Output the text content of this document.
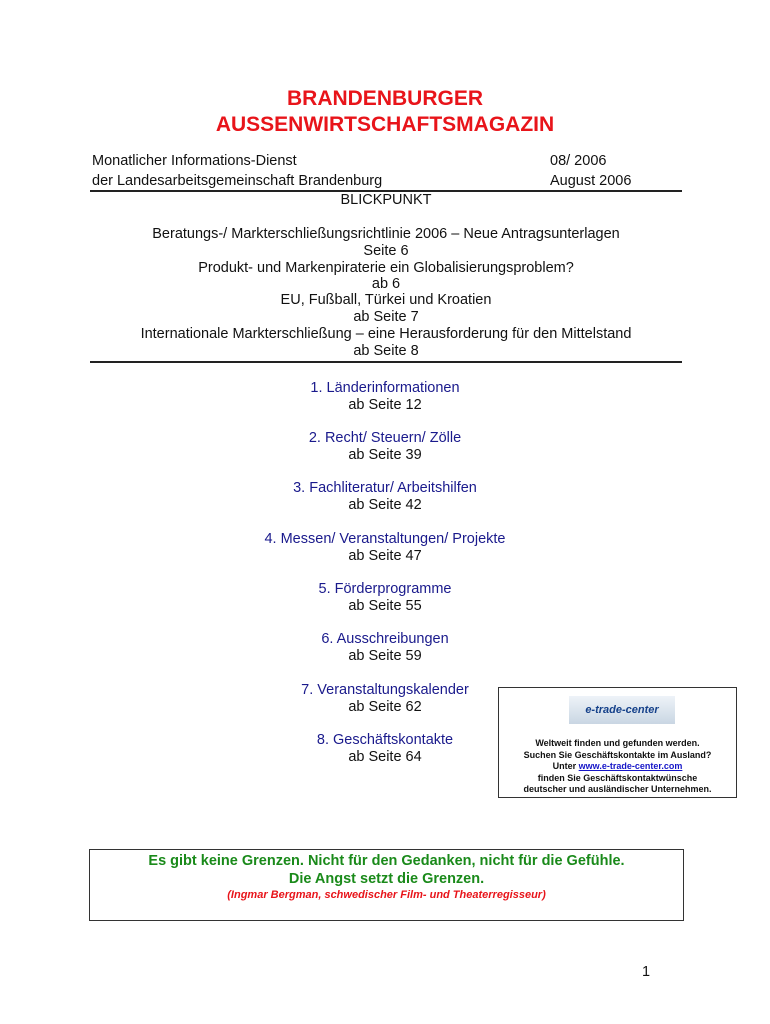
BRANDENBURGER
AUSSENWIRTSCHAFTSMAGAZIN
Monatlicher Informations-Dienst
der Landesarbeitsgemeinschaft Brandenburg
08/ 2006
August 2006
BLICKPUNKT
Beratungs-/ Markterschließungsrichtlinie 2006 – Neue Antragsunterlagen
Seite 6
Produkt- und Markenpiraterie ein Globalisierungsproblem?
ab 6
EU, Fußball, Türkei und Kroatien
ab Seite 7
Internationale Markterschließung – eine Herausforderung für den Mittelstand
ab Seite 8
1. Länderinformationen
ab Seite 12
2. Recht/ Steuern/ Zölle
ab Seite 39
3. Fachliteratur/ Arbeitshilfen
ab Seite 42
4. Messen/ Veranstaltungen/ Projekte
ab Seite 47
5. Förderprogramme
ab Seite 55
6. Ausschreibungen
ab Seite 59
7. Veranstaltungskalender
ab Seite 62
8. Geschäftskontakte
ab Seite 64
e-trade-center
Weltweit finden und gefunden werden.
Suchen Sie Geschäftskontakte im Ausland?
Unter www.e-trade-center.com
finden Sie Geschäftskontaktwünsche
deutscher und ausländischer Unternehmen.
Es gibt keine Grenzen. Nicht für den Gedanken, nicht für die Gefühle.
Die Angst setzt die Grenzen.
(Ingmar Bergman, schwedischer Film- und Theaterregisseur)
1
